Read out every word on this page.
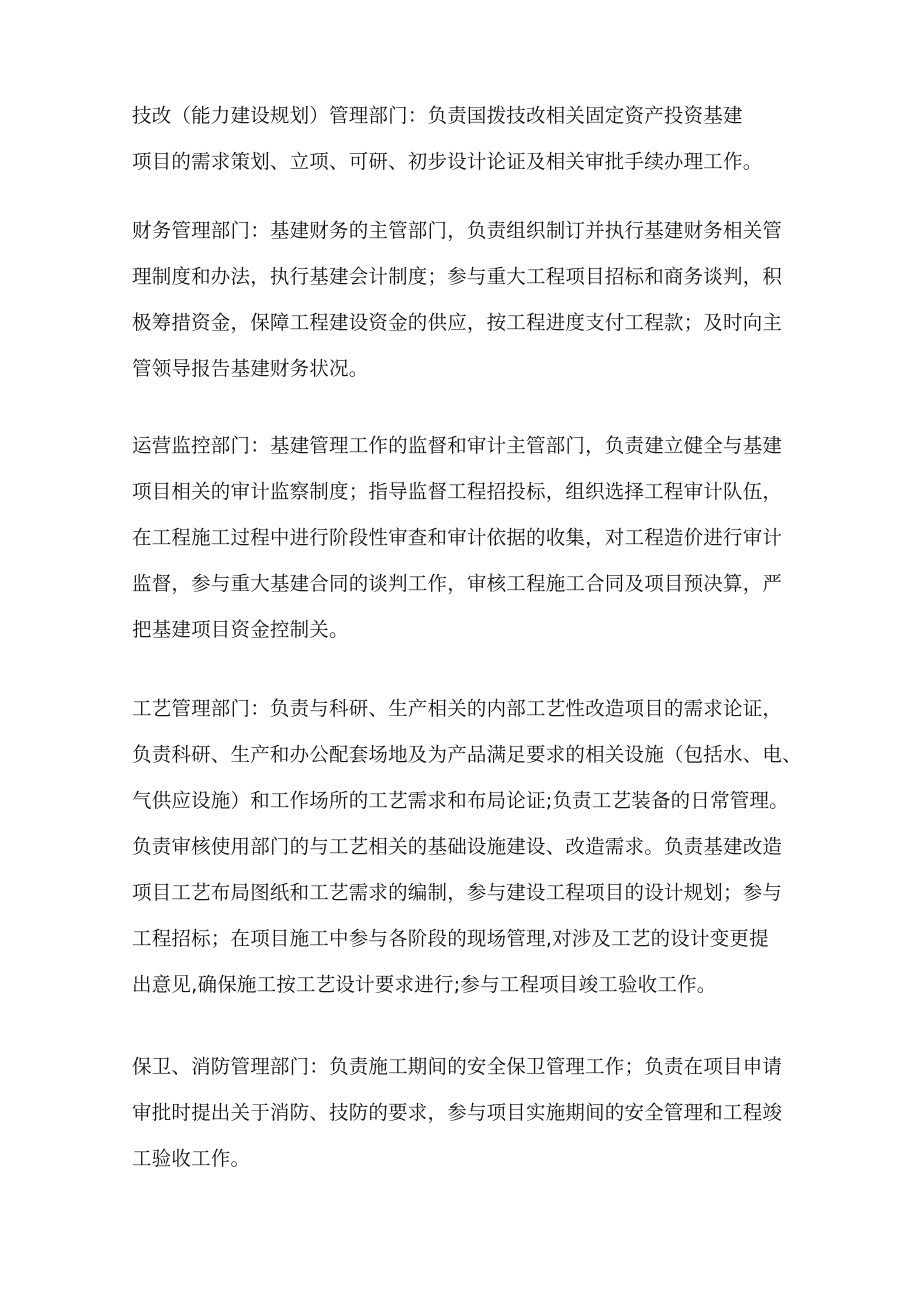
技改（能力建设规划）管理部门：负责国拨技改相关固定资产投资基建
项目的需求策划、立项、可研、初步设计论证及相关审批手续办理工作。
财务管理部门：基建财务的主管部门，负责组织制订并执行基建财务相关管
理制度和办法，执行基建会计制度；参与重大工程项目招标和商务谈判，积
极筹措资金，保障工程建设资金的供应，按工程进度支付工程款；及时向主
管领导报告基建财务状况。
运营监控部门：基建管理工作的监督和审计主管部门，负责建立健全与基建
项目相关的审计监察制度；指导监督工程招投标，组织选择工程审计队伍，
在工程施工过程中进行阶段性审查和审计依据的收集，对工程造价进行审计
监督，参与重大基建合同的谈判工作，审核工程施工合同及项目预决算，严
把基建项目资金控制关。
工艺管理部门：负责与科研、生产相关的内部工艺性改造项目的需求论证，
负责科研、生产和办公配套场地及为产品满足要求的相关设施（包括水、电、
气供应设施）和工作场所的工艺需求和布局论证;负责工艺装备的日常管理。
负责审核使用部门的与工艺相关的基础设施建设、改造需求。负责基建改造
项目工艺布局图纸和工艺需求的编制，参与建设工程项目的设计规划；参与
工程招标；在项目施工中参与各阶段的现场管理,对涉及工艺的设计变更提
出意见,确保施工按工艺设计要求进行;参与工程项目竣工验收工作。
保卫、消防管理部门：负责施工期间的安全保卫管理工作；负责在项目申请
审批时提出关于消防、技防的要求，参与项目实施期间的安全管理和工程竣
工验收工作。
